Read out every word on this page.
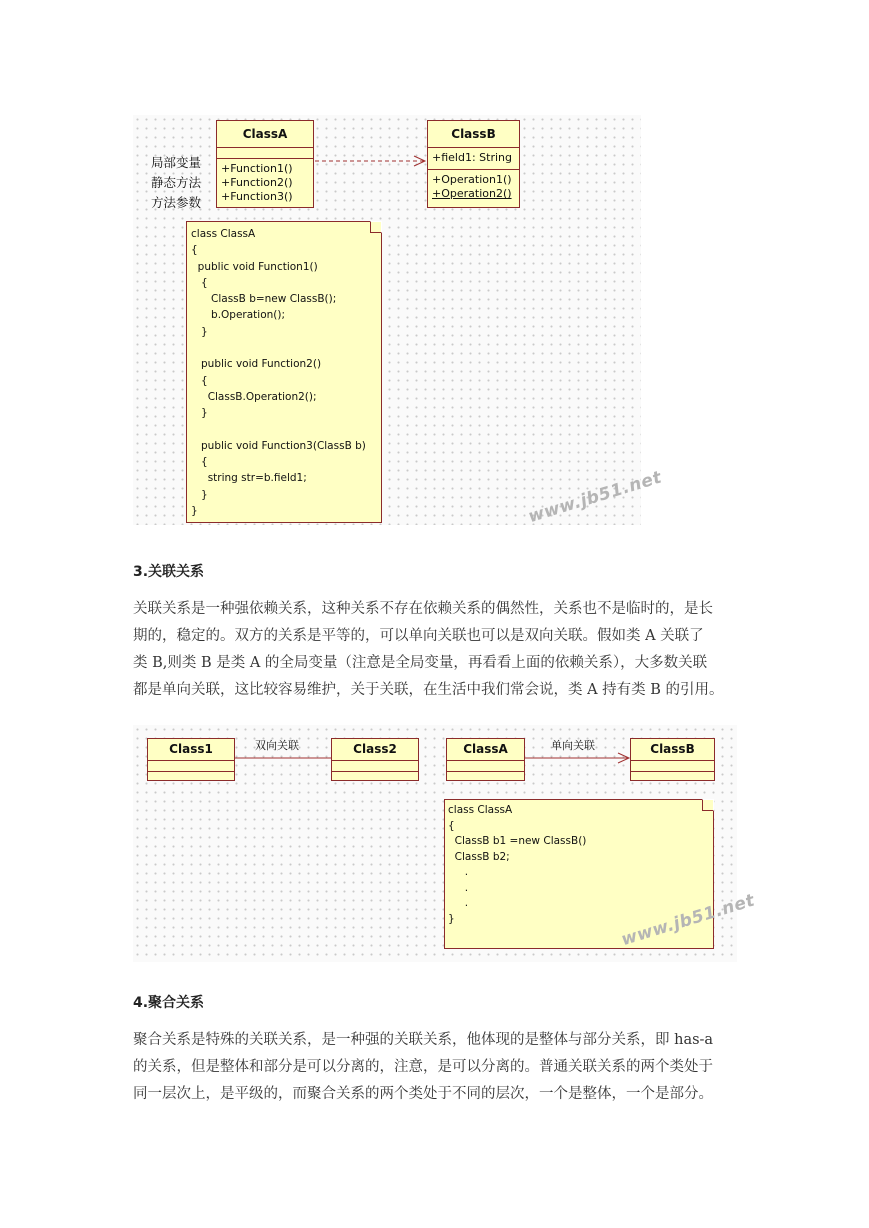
局部变量
静态方法
方法参数
ClassA
+Function1()
+Function2()
+Function3()
ClassB
+field1: String
+Operation1()
+Operation2()
class ClassA
{
public void Function1()
{
ClassB b=new ClassB();
b.Operation();
}
public void Function2()
{
ClassB.Operation2();
}
public void Function3(ClassB b)
{
string str=b.field1;
}
}	www.jb51.net
3.关联关系
关联关系是一种强依赖关系，这种关系不存在依赖关系的偶然性，关系也不是临时的，是长
期的，稳定的。双方的关系是平等的，可以单向关联也可以是双向关联。假如类 A 关联了
类 B,则类 B 是类 A 的全局变量（注意是全局变量，再看看上面的依赖关系），大多数关联
都是单向关联，这比较容易维护，关于关联，在生活中我们常会说，类 A 持有类 B 的引用。
Class1	Class2
双向关联	ClassA	ClassB
单向关联
class ClassA
{
ClassB b1 =new ClassB()
ClassB b2;
.
.
.
}	www.jb51.net
4.聚合关系
聚合关系是特殊的关联关系，是一种强的关联关系，他体现的是整体与部分关系，即 has-a
的关系，但是整体和部分是可以分离的，注意，是可以分离的。普通关联关系的两个类处于
同一层次上，是平级的，而聚合关系的两个类处于不同的层次，一个是整体，一个是部分。
